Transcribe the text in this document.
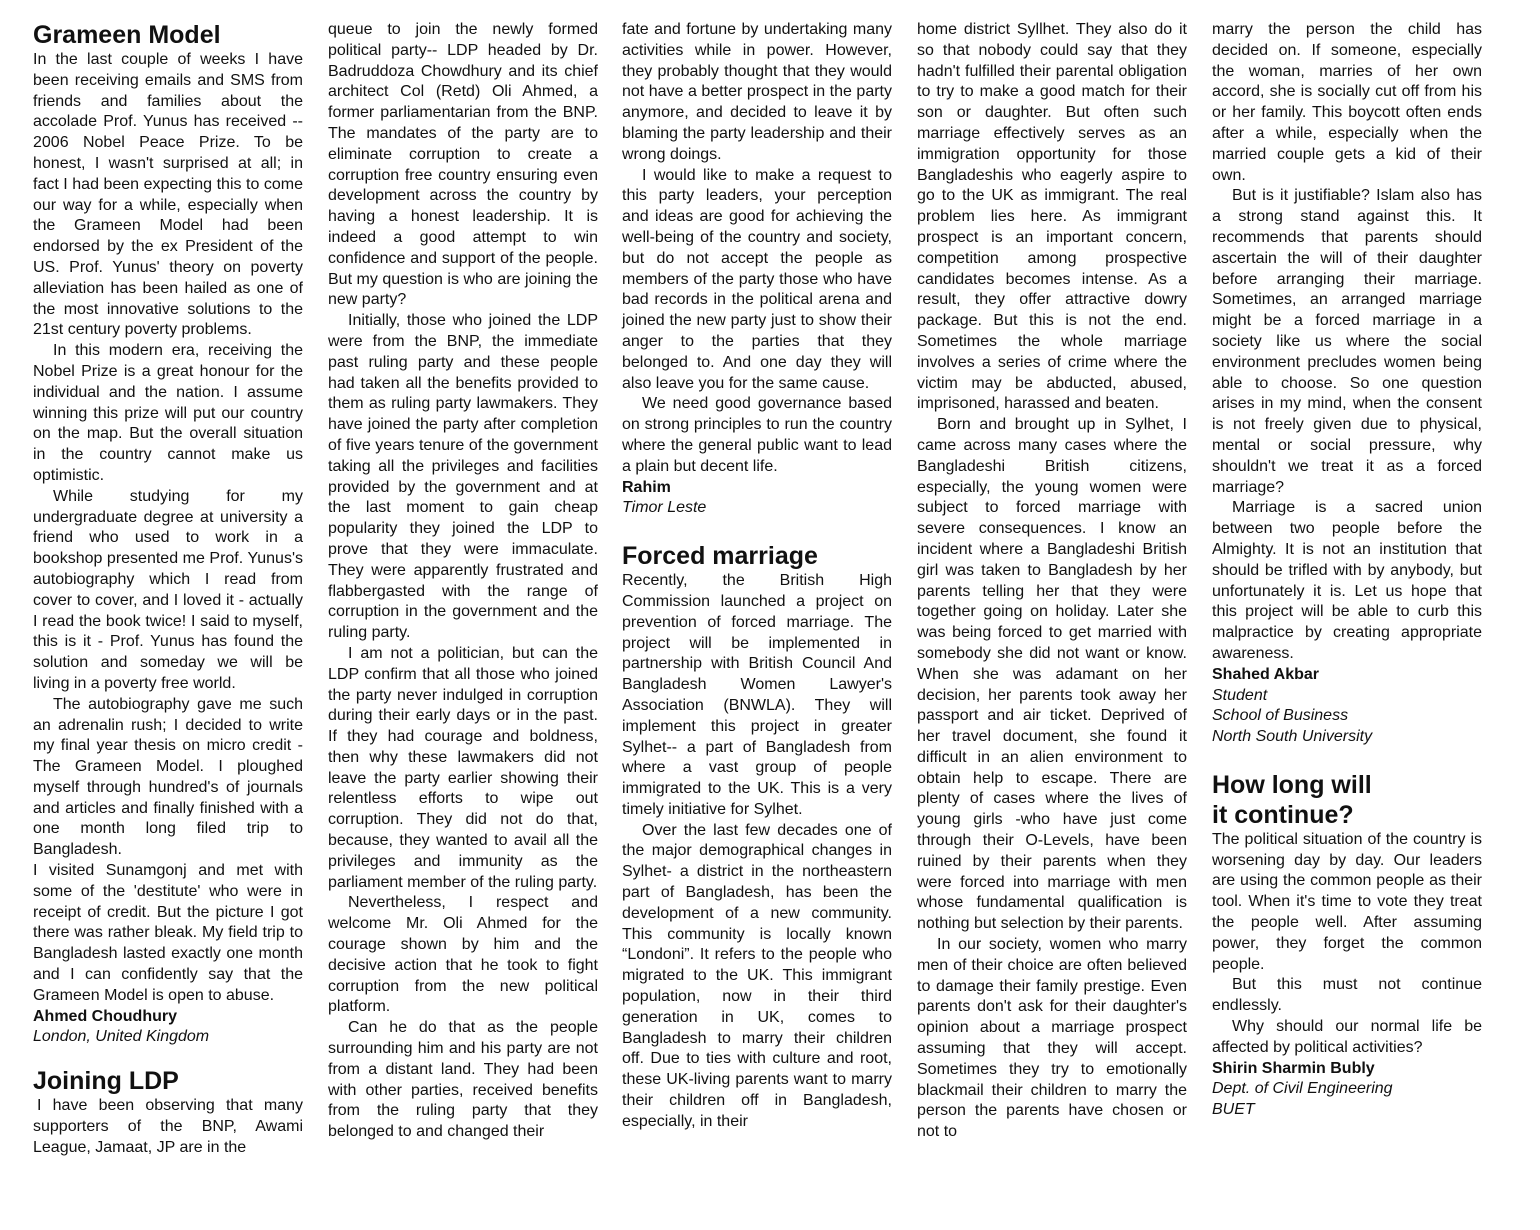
Grameen Model

In the last couple of weeks I have been receiving emails and SMS from friends and families about the accolade Prof. Yunus has received -- 2006 Nobel Peace Prize. To be honest, I wasn't surprised at all; in fact I had been expecting this to come our way for a while, especially when the Grameen Model had been endorsed by the ex President of the US. Prof. Yunus' theory on poverty alleviation has been hailed as one of the most innovative solutions to the 21st century poverty problems.

In this modern era, receiving the Nobel Prize is a great honour for the individual and the nation. I assume winning this prize will put our country on the map. But the overall situation in the country cannot make us optimistic.

While studying for my undergraduate degree at university a friend who used to work in a bookshop presented me Prof. Yunus's autobiography which I read from cover to cover, and I loved it - actually I read the book twice! I said to myself, this is it - Prof. Yunus has found the solution and someday we will be living in a poverty free world.

The autobiography gave me such an adrenalin rush; I decided to write my final year thesis on micro credit - The Grameen Model. I ploughed myself through hundred's of journals and articles and finally finished with a one month long filed trip to Bangladesh.

I visited Sunamgonj and met with some of the 'destitute' who were in receipt of credit. But the picture I got there was rather bleak. My field trip to Bangladesh lasted exactly one month and I can confidently say that the Grameen Model is open to abuse.

Ahmed Choudhury
London, United Kingdom
Joining LDP

I have been observing that many supporters of the BNP, Awami League, Jamaat, JP are in the

queue to join the newly formed political party-- LDP headed by Dr. Badruddoza Chowdhury and its chief architect Col (Retd) Oli Ahmed, a former parliamentarian from the BNP. The mandates of the party are to eliminate corruption to create a corruption free country ensuring even development across the country by having a honest leadership. It is indeed a good attempt to win confidence and support of the people. But my question is who are joining the new party?

Initially, those who joined the LDP were from the BNP, the immediate past ruling party and these people had taken all the benefits provided to them as ruling party lawmakers. They have joined the party after completion of five years tenure of the government taking all the privileges and facilities provided by the government and at the last moment to gain cheap popularity they joined the LDP to prove that they were immaculate. They were apparently frustrated and flabbergasted with the range of corruption in the government and the ruling party.

I am not a politician, but can the LDP confirm that all those who joined the party never indulged in corruption during their early days or in the past. If they had courage and boldness, then why these lawmakers did not leave the party earlier showing their relentless efforts to wipe out corruption. They did not do that, because, they wanted to avail all the privileges and immunity as the parliament member of the ruling party.

Nevertheless, I respect and welcome Mr. Oli Ahmed for the courage shown by him and the decisive action that he took to fight corruption from the new political platform.

Can he do that as the people surrounding him and his party are not from a distant land. They had been with other parties, received benefits from the ruling party that they belonged to and changed their

fate and fortune by undertaking many activities while in power. However, they probably thought that they would not have a better prospect in the party anymore, and decided to leave it by blaming the party leadership and their wrong doings.

I would like to make a request to this party leaders, your perception and ideas are good for achieving the well-being of the country and society, but do not accept the people as members of the party those who have bad records in the political arena and joined the new party just to show their anger to the parties that they belonged to. And one day they will also leave you for the same cause.

We need good governance based on strong principles to run the country where the general public want to lead a plain but decent life.

Rahim
Timor Leste
Forced marriage

Recently, the British High Commission launched a project on prevention of forced marriage. The project will be implemented in partnership with British Council And Bangladesh Women Lawyer's Association (BNWLA). They will implement this project in greater Sylhet-- a part of Bangladesh from where a vast group of people immigrated to the UK. This is a very timely initiative for Sylhet.

Over the last few decades one of the major demographical changes in Sylhet- a district in the northeastern part of Bangladesh, has been the development of a new community. This community is locally known “Londoni”. It refers to the people who migrated to the UK. This immigrant population, now in their third generation in UK, comes to Bangladesh to marry their children off. Due to ties with culture and root, these UK-living parents want to marry their children off in Bangladesh, especially, in their

home district Syllhet. They also do it so that nobody could say that they hadn't fulfilled their parental obligation to try to make a good match for their son or daughter. But often such marriage effectively serves as an immigration opportunity for those Bangladeshis who eagerly aspire to go to the UK as immigrant. The real problem lies here. As immigrant prospect is an important concern, competition among prospective candidates becomes intense. As a result, they offer attractive dowry package. But this is not the end. Sometimes the whole marriage involves a series of crime where the victim may be abducted, abused, imprisoned, harassed and beaten.

Born and brought up in Sylhet, I came across many cases where the Bangladeshi British citizens, especially, the young women were subject to forced marriage with severe consequences. I know an incident where a Bangladeshi British girl was taken to Bangladesh by her parents telling her that they were together going on holiday. Later she was being forced to get married with somebody she did not want or know. When she was adamant on her decision, her parents took away her passport and air ticket. Deprived of her travel document, she found it difficult in an alien environment to obtain help to escape. There are plenty of cases where the lives of young girls -who have just come through their O-Levels, have been ruined by their parents when they were forced into marriage with men whose fundamental qualification is nothing but selection by their parents.

In our society, women who marry men of their choice are often believed to damage their family prestige. Even parents don't ask for their daughter's opinion about a marriage prospect assuming that they will accept. Sometimes they try to emotionally blackmail their children to marry the person the parents have chosen or not to

marry the person the child has decided on. If someone, especially the woman, marries of her own accord, she is socially cut off from his or her family. This boycott often ends after a while, especially when the married couple gets a kid of their own.

But is it justifiable? Islam also has a strong stand against this. It recommends that parents should ascertain the will of their daughter before arranging their marriage. Sometimes, an arranged marriage might be a forced marriage in a society like us where the social environment precludes women being able to choose. So one question arises in my mind, when the consent is not freely given due to physical, mental or social pressure, why shouldn't we treat it as a forced marriage?

Marriage is a sacred union between two people before the Almighty. It is not an institution that should be trifled with by anybody, but unfortunately it is. Let us hope that this project will be able to curb this malpractice by creating appropriate awareness.

Shahed Akbar
Student
School of Business
North South University
How long will
it continue?

The political situation of the country is worsening day by day. Our leaders are using the common people as their tool. When it's time to vote they treat the people well. After assuming power, they forget the common people.

But this must not continue endlessly.

Why should our normal life be affected by political activities?

Shirin Sharmin Bubly
Dept. of Civil Engineering
BUET
